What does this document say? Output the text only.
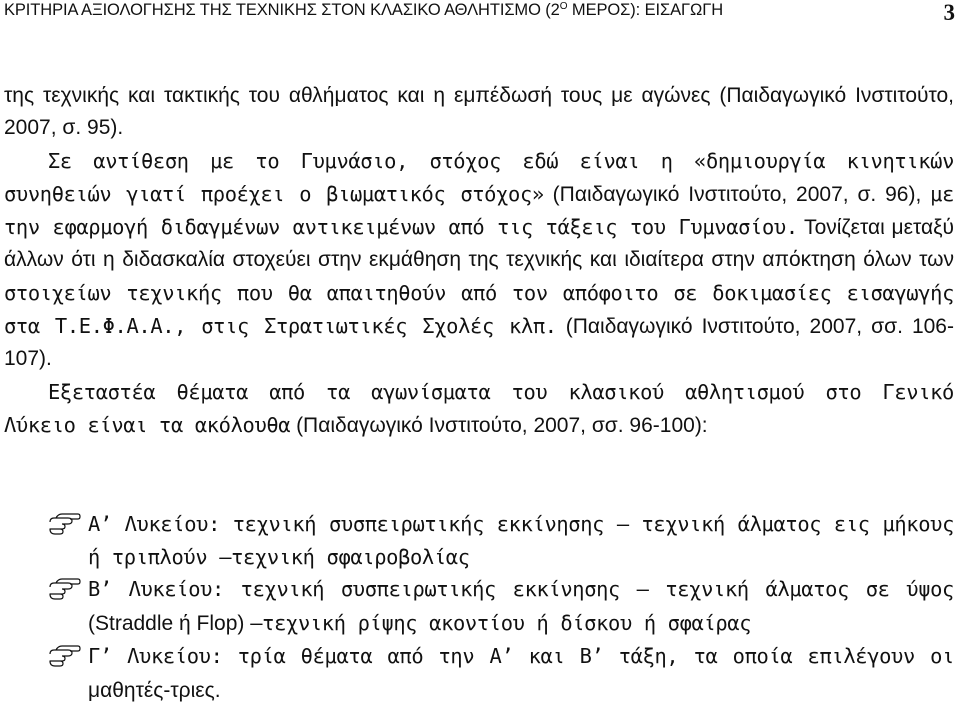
ΚΡΙΤΗΡΙΑ ΑΞΙΟΛΟΓΗΣΗΣ ΤΗΣ ΤΕΧΝΙΚΗΣ ΣΤΟΝ ΚΛΑΣΙΚΟ ΑΘΛΗΤΙΣΜΟ ($2^O$ ΜΕΡΟΣ): ΕΙΣΑΓΩΓΗ	3

της τεχνικής και τακτικής του αθλήματος και η εμπέδωσή τους με αγώνες (Παιδαγωγικό Ινστιτούτο, 2007, σ. 95).

Σε αντίθεση με το Γυμνάσιο, στόχος εδώ είναι η «δημιουργία κινητικών συνηθειών γιατί προέχει ο βιωματικός στόχος» (Παιδαγωγικό Ινστιτούτο, 2007, σ. 96), με την εφαρμογή διδαγμένων αντικειμένων από τις τάξεις του Γυμνασίου. Τονίζεται μεταξύ άλλων ότι η διδασκαλία στοχεύει στην εκμάθηση της τεχνικής και ιδιαίτερα στην απόκτηση όλων των στοιχείων τεχνικής που θα απαιτηθούν από τον απόφοιτο σε δοκιμασίες εισαγωγής στα Τ.Ε.Φ.Α.Α., στις Στρατιωτικές Σχολές κλπ. (Παιδαγωγικό Ινστιτούτο, 2007, σσ. 106-107).

Εξεταστέα θέματα από τα αγωνίσματα του κλασικού αθλητισμού στο Γενικό Λύκειο είναι τα ακόλουθα (Παιδαγωγικό Ινστιτούτο, 2007, σσ. 96-100):

Α’ Λυκείου: τεχνική συσπειρωτικής εκκίνησης – τεχνική άλματος εις μήκους ή τριπλούν –τεχνική σφαιροβολίας
Β’ Λυκείου: τεχνική συσπειρωτικής εκκίνησης – τεχνική άλματος σε ύψος (Straddle ή Flop) –τεχνική ρίψης ακοντίου ή δίσκου ή σφαίρας
Γ’ Λυκείου: τρία θέματα από την Α’ και Β’ τάξη, τα οποία επιλέγουν οι μαθητές-τριες.
